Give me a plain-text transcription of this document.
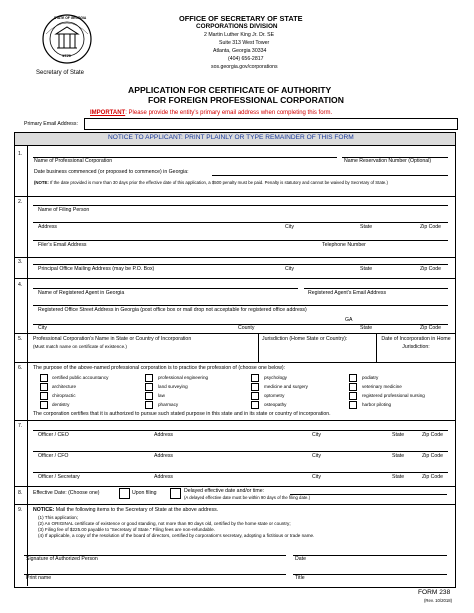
STATE OF GEORGIA
1776
Secretary of State
OFFICE OF SECRETARY OF STATE
CORPORATIONS DIVISION
2 Martin Luther King Jr. Dr. SE
Suite 313 West Tower
Atlanta, Georgia 30334
(404) 656-2817
sos.georgia.gov/corporations
APPLICATION FOR CERTIFICATE OF AUTHORITY
FOR FOREIGN PROFESSIONAL CORPORATION
IMPORTANT: Please provide the entity’s primary email address when completing this form.
Primary Email Address:
NOTICE TO APPLICANT: PRINT PLAINLY OR TYPE REMAINDER OF THIS FORM
1.
Name of Professional Corporation	Name Reservation Number (Optional)
Date business commenced (or proposed to commence) in Georgia:
(NOTE: If the date provided is more than 30 days prior the effective date of this application, a $500 penalty must be paid. Penalty is statutory and cannot be waived by Secretary of State.)
2.
Name of Filing Person
Address	City	State	Zip Code
Filer’s Email Address	Telephone Number
3.
Principal Office Mailing Address (may be P.O. Box)	City	State	Zip Code
4.
Name of Registered Agent in Georgia	Registered Agent’s Email Address
Registered Office Street Address in Georgia (post office box or mail drop not acceptable for registered office address)
GA
City	County	State	Zip Code
5. Professional Corporation’s Name in State or Country of Incorporation
(Must match name on certificate of existence.)
Jurisdiction (Home State or Country):	Date of Incorporation in Home Jurisdiction:
6. The purpose of the above-named professional corporation is to practice the profession of (choose one below):
certified public accountancy	professional engineering	psychology	podiatry
architecture	land surveying	medicine and surgery	veterinary medicine
chiropractic	law	optometry	registered professional nursing
dentistry	pharmacy	osteopathy	harbor piloting
The corporation certifies that it is authorized to pursue such stated purpose in this state and in its state or country of incorporation.
7.
Officer / CEO	Address	City	State	Zip Code
Officer / CFO	Address	City	State	Zip Code
Officer / Secretary	Address	City	State	Zip Code
8. Effective Date: (Choose one)	Upon filing	Delayed effective date and/or time:
(A delayed effective date must be within 90 days of the filing date.)
9. NOTICE: Mail the following items to the Secretary of State at the above address.
(1) This application;
(2) An ORIGINAL certificate of existence or good standing, not more than 90 days old, certified by the home state or country;
(3) Filing fee of $225.00 payable to “Secretary of State.” Filing fees are non-refundable.
(4) If applicable, a copy of the resolution of the board of directors, certified by corporation’s secretary, adopting a fictitious or trade name.
Signature of Authorized Person	Date
Print name	Title
FORM 238
(Rev. 10/2018)
